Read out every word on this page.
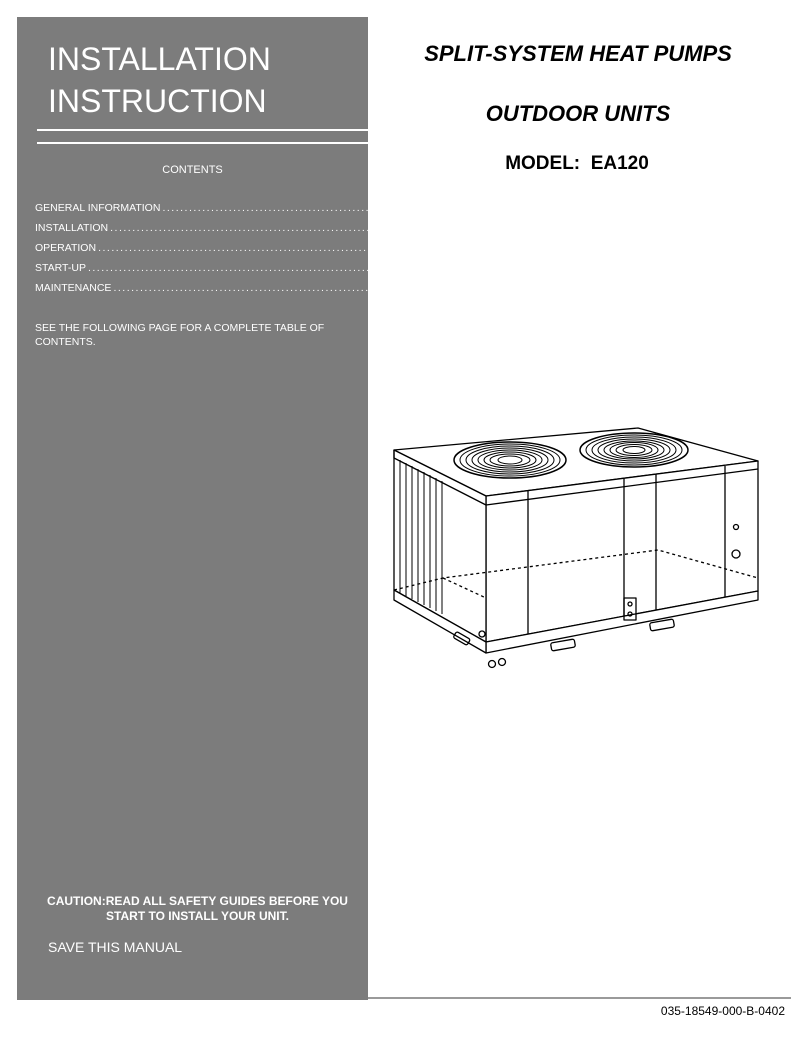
INSTALLATION
INSTRUCTION
CONTENTS
GENERAL INFORMATION ........................................................................................ 3
INSTALLATION ........................................................................................ 5
OPERATION ........................................................................................ 17
START-UP ........................................................................................ 20
MAINTENANCE ........................................................................................ 22
SEE THE FOLLOWING PAGE FOR A COMPLETE TABLE OF CONTENTS.
CAUTION:READ ALL SAFETY GUIDES BEFORE YOU
START TO INSTALL YOUR UNIT.
SAVE THIS MANUAL
SPLIT-SYSTEM HEAT PUMPS
OUTDOOR UNITS
MODEL: EA120
035-18549-000-B-0402
